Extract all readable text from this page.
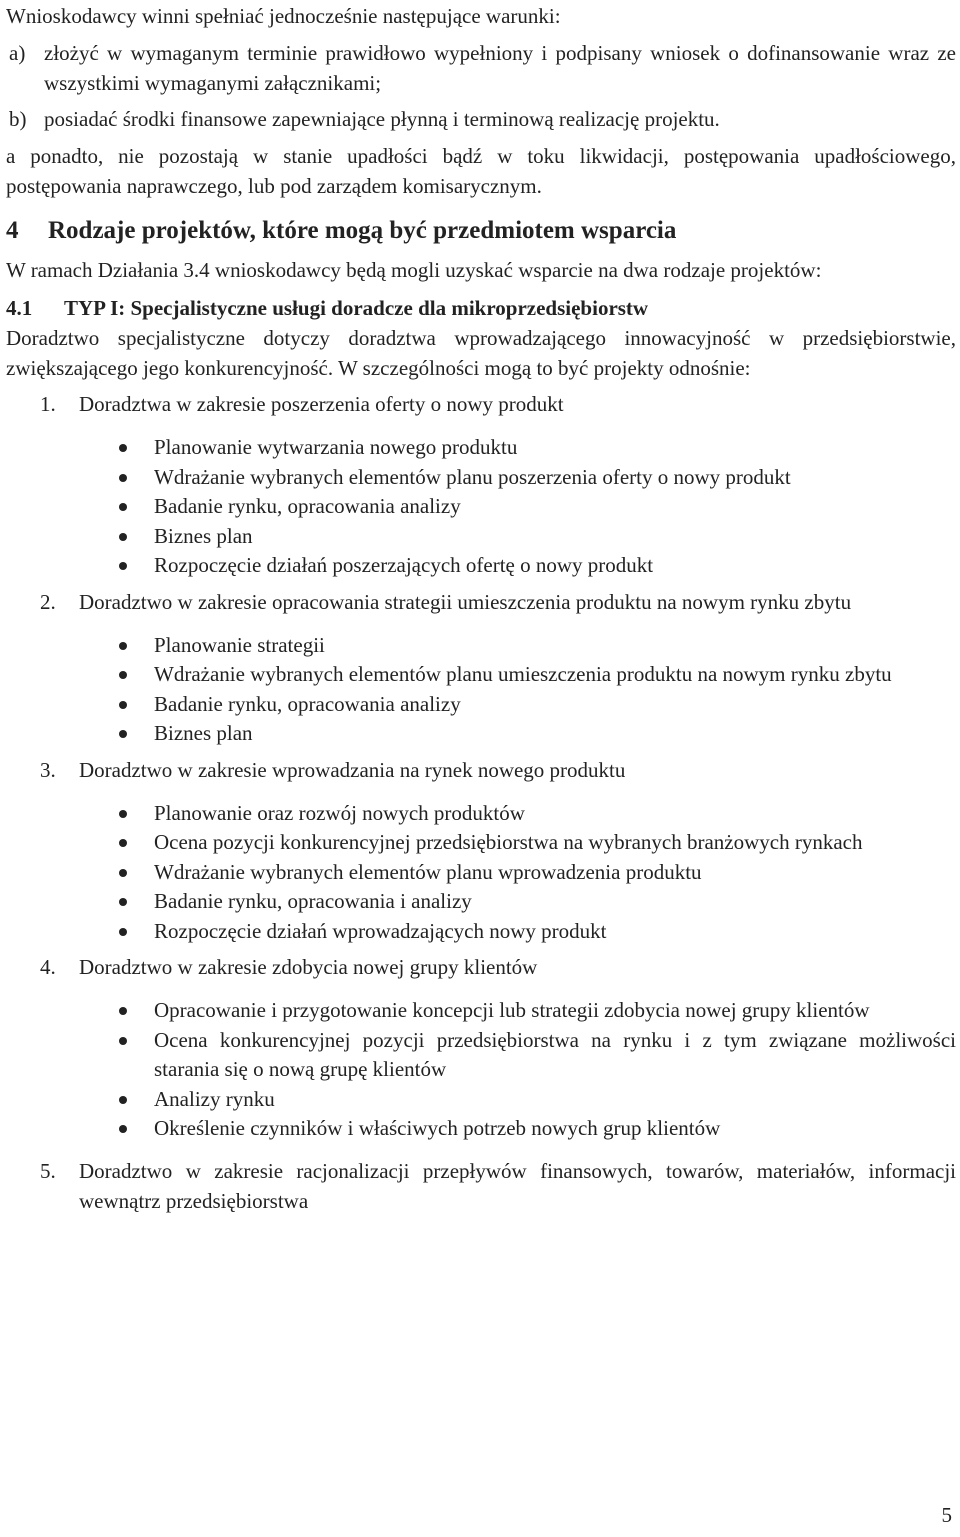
Wnioskodawcy winni spełniać jednocześnie następujące warunki:

a) złożyć w wymaganym terminie prawidłowo wypełniony i podpisany wniosek o dofinansowanie wraz ze wszystkimi wymaganymi załącznikami;
b) posiadać środki finansowe zapewniające płynną i terminową realizację projektu.

a ponadto, nie pozostają w stanie upadłości bądź w toku likwidacji, postępowania upadłościowego, postępowania naprawczego, lub pod zarządem komisarycznym.

4 Rodzaje projektów, które mogą być przedmiotem wsparcia

W ramach Działania 3.4 wnioskodawcy będą mogli uzyskać wsparcie na dwa rodzaje projektów:

4.1 TYP I: Specjalistyczne usługi doradcze dla mikroprzedsiębiorstw

Doradztwo specjalistyczne dotyczy doradztwa wprowadzającego innowacyjność w przedsiębiorstwie, zwiększającego jego konkurencyjność. W szczególności mogą to być projekty odnośnie:

1.	Doradztwa w zakresie poszerzenia oferty o nowy produkt
Planowanie wytwarzania nowego produktu
Wdrażanie wybranych elementów planu poszerzenia oferty o nowy produkt
Badanie rynku, opracowania analizy
Biznes plan
Rozpoczęcie działań poszerzających ofertę o nowy produkt
2.	Doradztwo w zakresie opracowania strategii umieszczenia produktu na nowym rynku zbytu
Planowanie strategii
Wdrażanie wybranych elementów planu umieszczenia produktu na nowym rynku zbytu
Badanie rynku, opracowania analizy
Biznes plan
3.	Doradztwo w zakresie wprowadzania na rynek nowego produktu
Planowanie oraz rozwój nowych produktów
Ocena pozycji konkurencyjnej przedsiębiorstwa na wybranych branżowych rynkach
Wdrażanie wybranych elementów planu wprowadzenia produktu
Badanie rynku, opracowania i analizy
Rozpoczęcie działań wprowadzających nowy produkt
4.	Doradztwo w zakresie zdobycia nowej grupy klientów
Opracowanie i przygotowanie koncepcji lub strategii zdobycia nowej grupy klientów
Ocena konkurencyjnej pozycji przedsiębiorstwa na rynku i z tym związane możliwości starania się o nową grupę klientów
Analizy rynku
Określenie czynników i właściwych potrzeb nowych grup klientów
5.	Doradztwo w zakresie racjonalizacji przepływów finansowych, towarów, materiałów, informacji wewnątrz przedsiębiorstwa
5
